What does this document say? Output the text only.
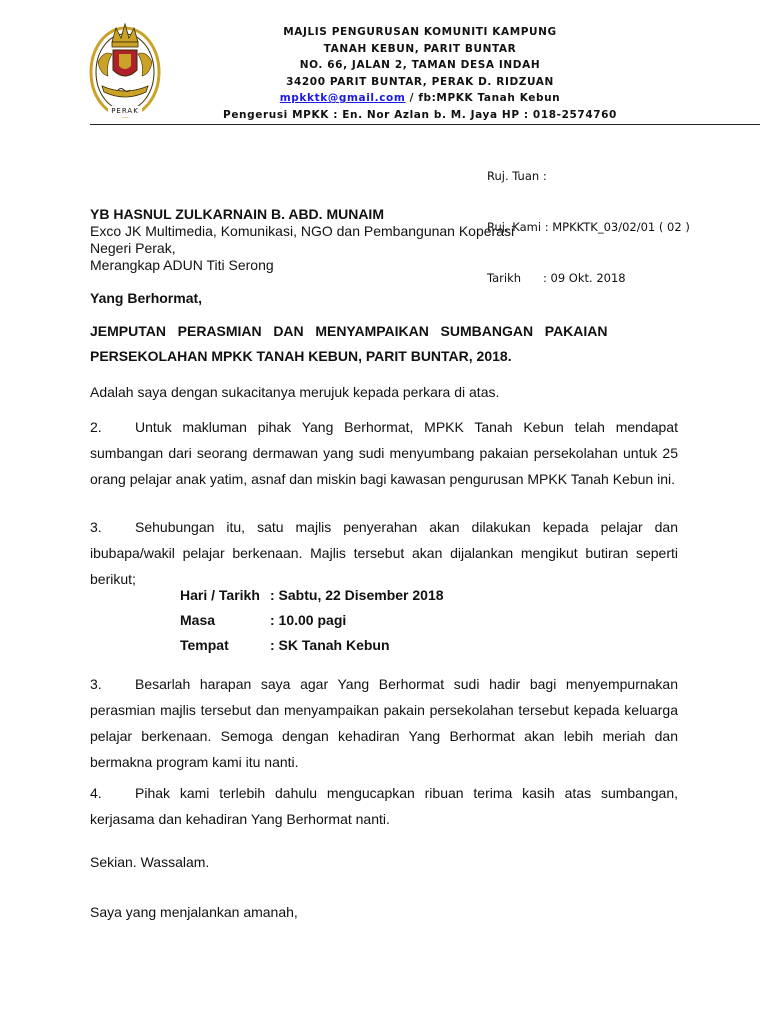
PERAK
MAJLIS PENGURUSAN KOMUNITI KAMPUNG
TANAH KEBUN, PARIT BUNTAR
NO. 66, JALAN 2, TAMAN DESA INDAH
34200 PARIT BUNTAR, PERAK D. RIDZUAN
mpkktk@gmail.com / fb:MPKK Tanah Kebun
Pengerusi MPKK : En. Nor Azlan b. M. Jaya HP : 018-2574760

Ruj. Tuan :

Ruj. Kami : MPKKTK_03/02/01 ( 02 )

Tarikh      : 09 Okt. 2018

YB HASNUL ZULKARNAIN B. ABD. MUNAIM
Exco JK Multimedia, Komunikasi, NGO dan Pembangunan Koperasi
Negeri Perak,
Merangkap ADUN Titi Serong
Yang Berhormat,
JEMPUTAN   PERASMIAN   DAN   MENYAMPAIKAN   SUMBANGAN   PAKAIAN
PERSEKOLAHAN MPKK TANAH KEBUN, PARIT BUNTAR, 2018.
Adalah saya dengan sukacitanya merujuk kepada perkara di atas.
2. Untuk makluman pihak Yang Berhormat, MPKK Tanah Kebun telah mendapat sumbangan dari seorang dermawan yang sudi menyumbang pakaian persekolahan untuk 25 orang pelajar anak yatim, asnaf dan miskin bagi kawasan pengurusan MPKK Tanah Kebun ini.
3. Sehubungan itu, satu majlis penyerahan akan dilakukan kepada pelajar dan ibubapa/wakil pelajar berkenaan. Majlis tersebut akan dijalankan mengikut butiran seperti berikut;
Hari / Tarikh : Sabtu, 22 Disember 2018
Masa	: 10.00 pagi
Tempat	: SK Tanah Kebun
3. Besarlah harapan saya agar Yang Berhormat sudi hadir bagi menyempurnakan perasmian majlis tersebut dan menyampaikan pakain persekolahan tersebut kepada keluarga pelajar berkenaan. Semoga dengan kehadiran Yang Berhormat akan lebih meriah dan bermakna program kami itu nanti.
4. Pihak kami terlebih dahulu mengucapkan ribuan terima kasih atas sumbangan, kerjasama dan kehadiran Yang Berhormat nanti.
Sekian. Wassalam.
Saya yang menjalankan amanah,
